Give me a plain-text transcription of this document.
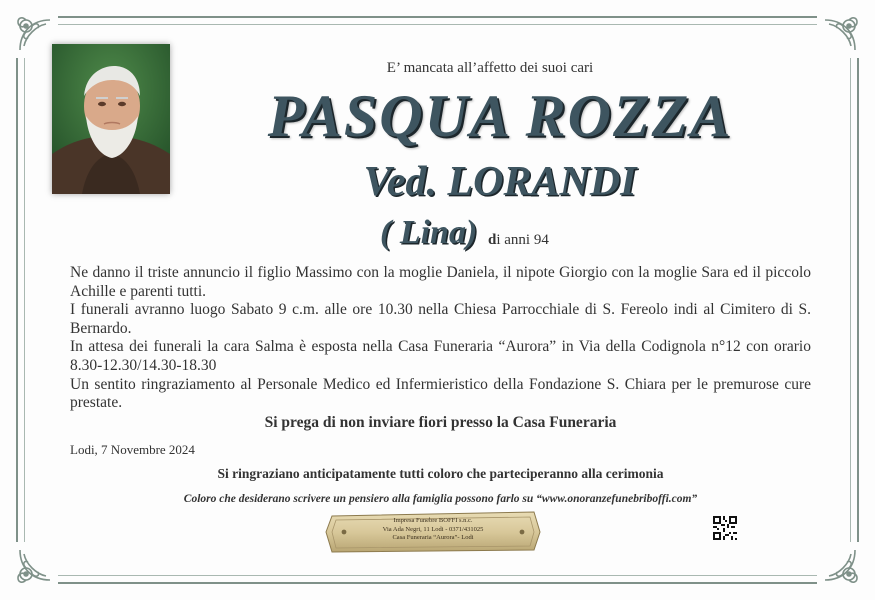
E’ mancata all’affetto dei suoi cari
PASQUA ROZZA
Ved. LORANDI
( Lina) di anni 94

Ne danno il triste annuncio il figlio Massimo con la moglie Daniela, il nipote Giorgio con la moglie Sara ed il piccolo Achille e parenti tutti.

I funerali avranno luogo Sabato 9 c.m. alle ore 10.30 nella Chiesa Parrocchiale di S. Fereolo indi al Cimitero di S. Bernardo.

In attesa dei funerali la cara Salma è esposta nella Casa Funeraria “Aurora” in Via della Codignola n°12 con orario 8.30-12.30/14.30-18.30

Un sentito ringraziamento al Personale Medico ed Infermieristico della Fondazione S. Chiara per le premurose cure prestate.

Si prega di non inviare fiori presso la Casa Funeraria
Lodi, 7 Novembre 2024
Si ringraziano anticipatamente tutti coloro che parteciperanno alla cerimonia
Coloro che desiderano scrivere un pensiero alla famiglia possono farlo su “www.onoranzefunebriboffi.com”
Impresa Funebre BOFFI s.n.c.
Via Ada Negri, 11 Lodi - 0371/431025
Casa Funeraria “Aurora”- Lodi
